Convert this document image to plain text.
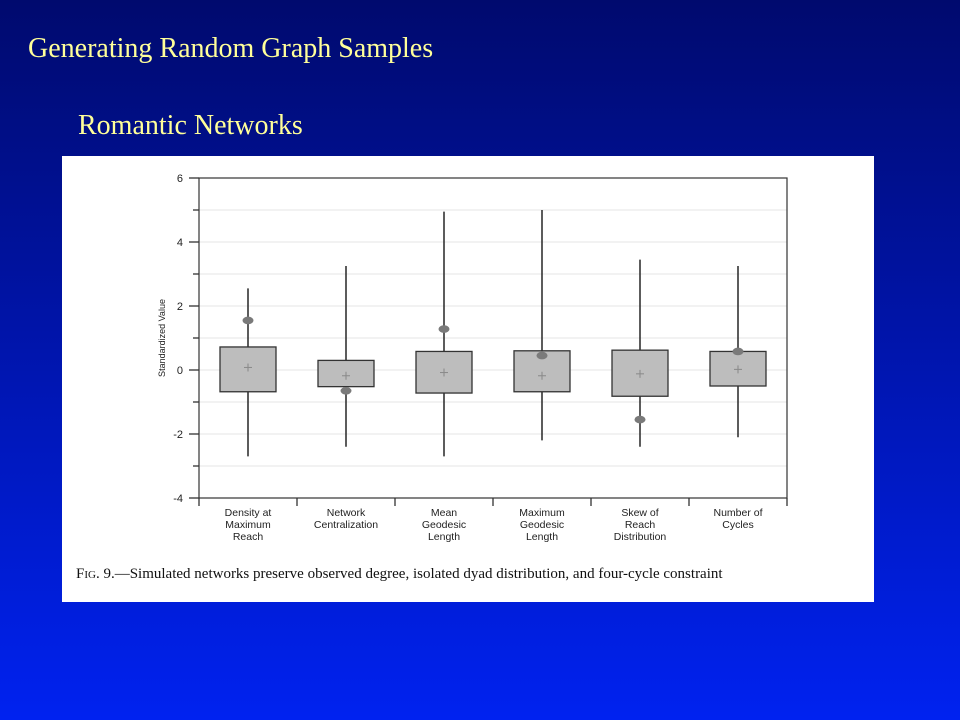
Generating Random Graph Samples
Romantic Networks
6
4
2
0
-2
-4
Standardized Value
Density at
Maximum
Reach
Network
Centralization
Mean
Geodesic
Length
Maximum
Geodesic
Length
Skew of
Reach
Distribution
Number of
Cycles
Fig. 9.—Simulated networks preserve observed degree, isolated dyad distribution, and four-cycle constraint
